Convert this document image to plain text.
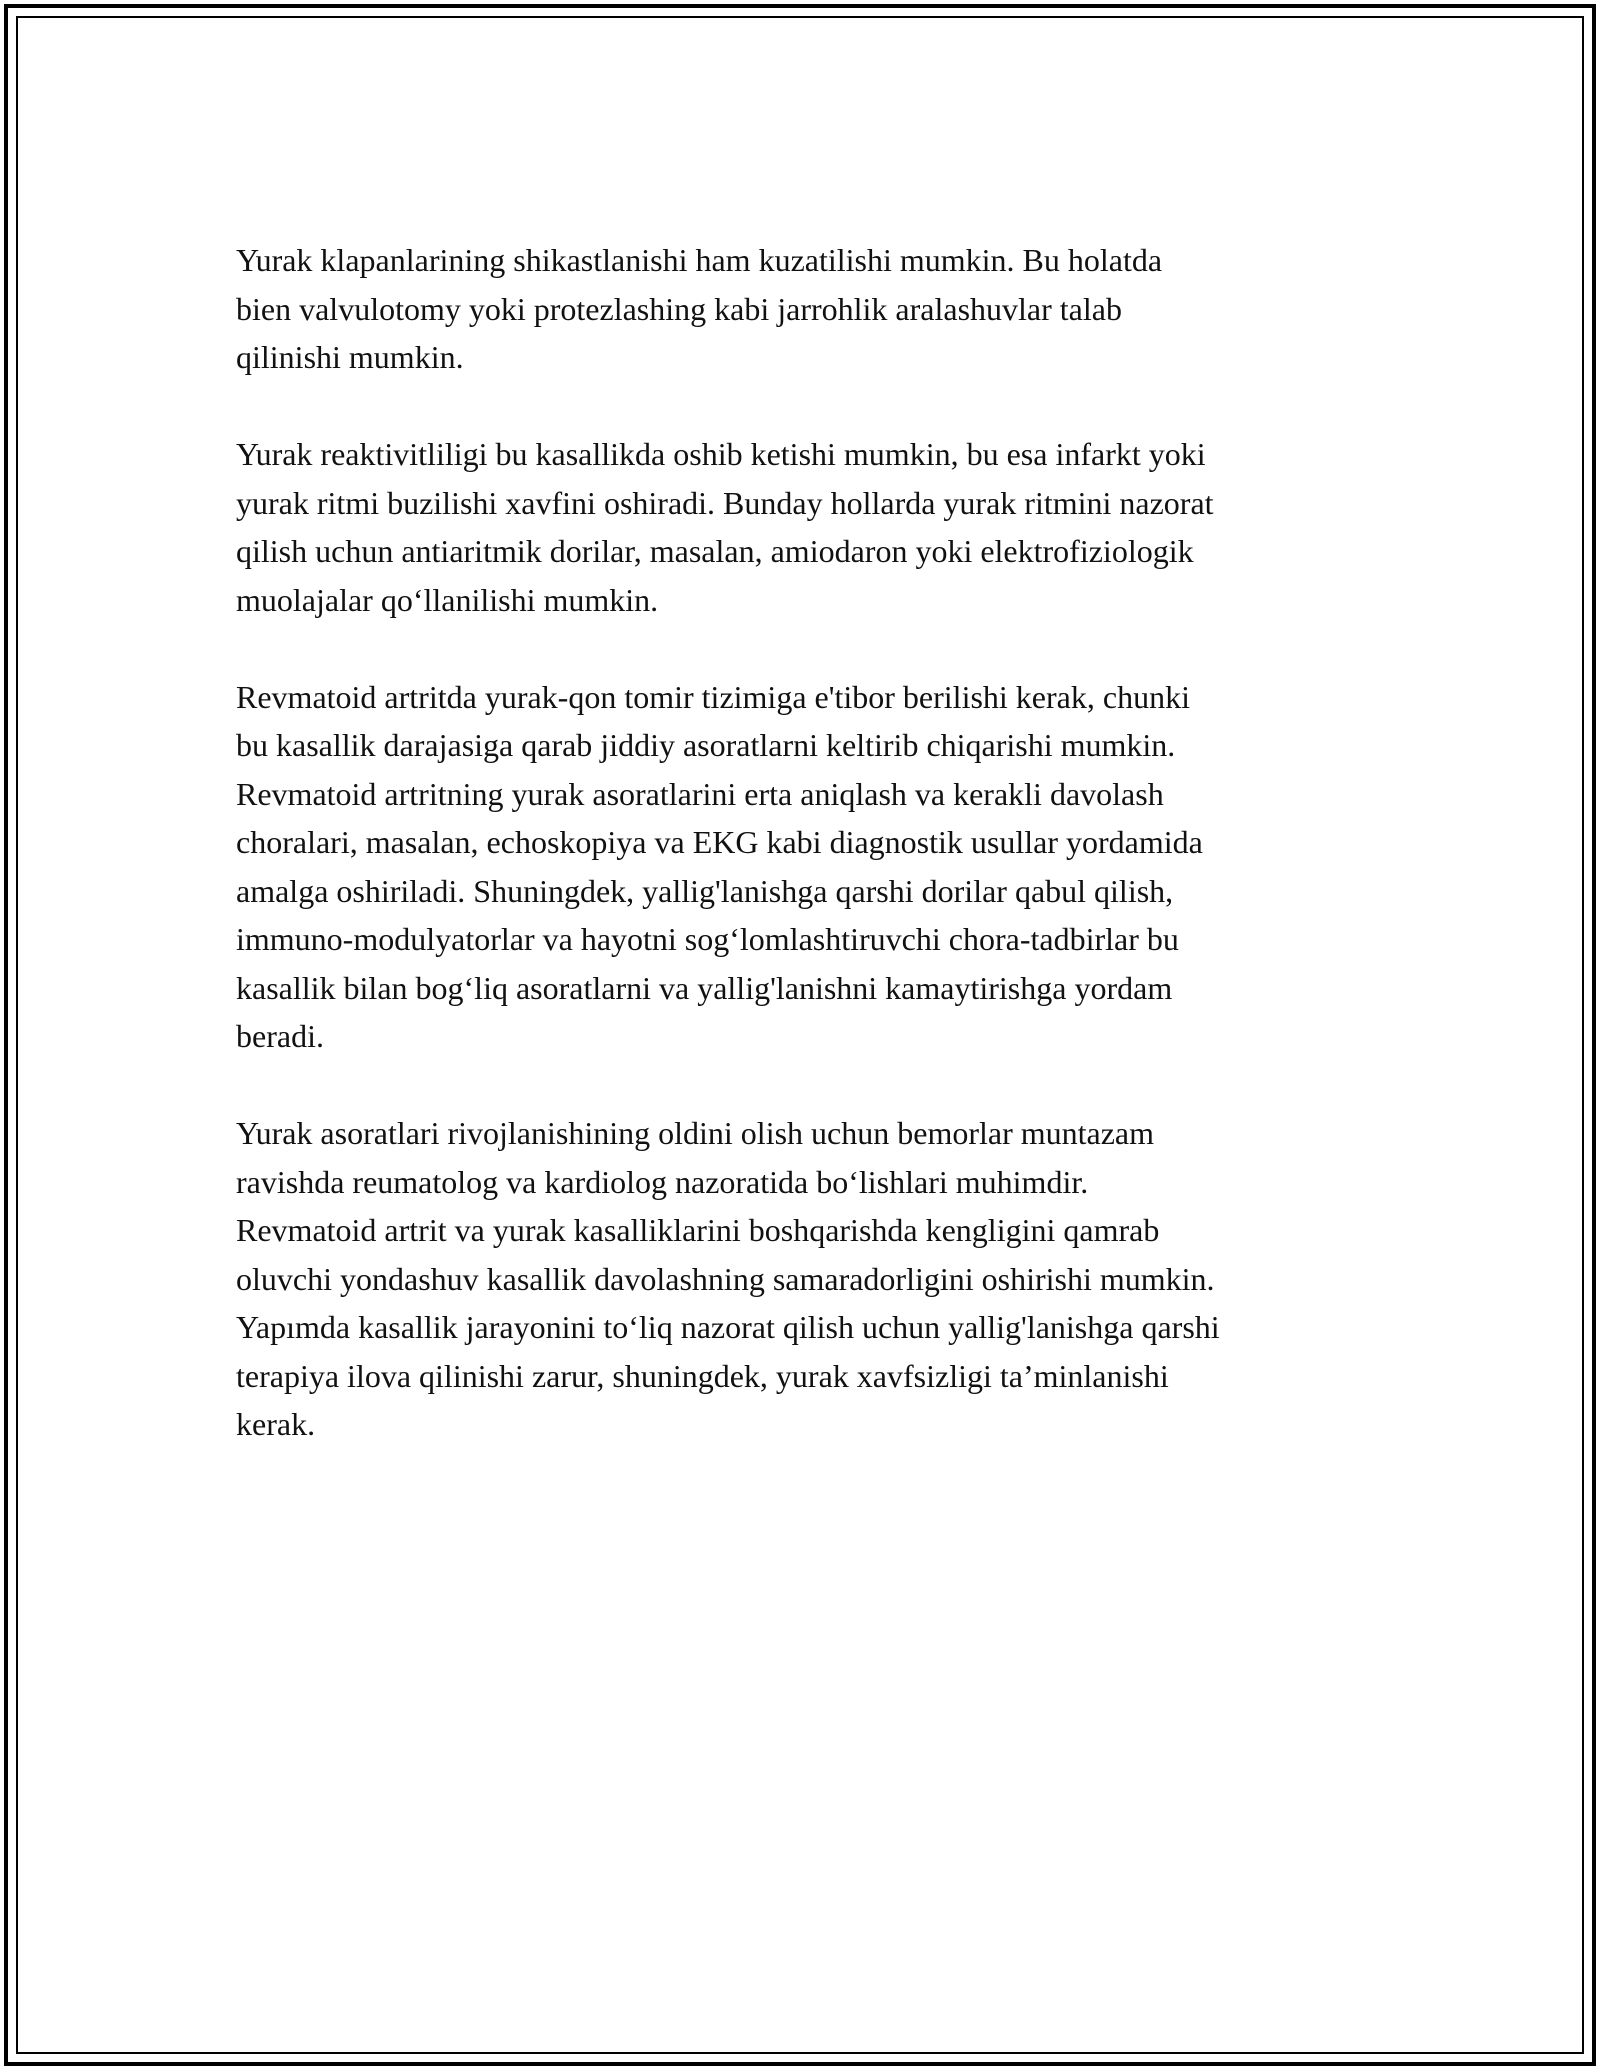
Yurak klapanlarining shikastlanishi ham kuzatilishi mumkin. Bu holatda
bien valvulotomy yoki protezlashing kabi jarrohlik aralashuvlar talab
qilinishi mumkin.

Yurak reaktivitliligi bu kasallikda oshib ketishi mumkin, bu esa infarkt yoki
yurak ritmi buzilishi xavfini oshiradi. Bunday hollarda yurak ritmini nazorat
qilish uchun antiaritmik dorilar, masalan, amiodaron yoki elektrofiziologik
muolajalar qo‘llanilishi mumkin.

Revmatoid artritda yurak-qon tomir tizimiga e'tibor berilishi kerak, chunki
bu kasallik darajasiga qarab jiddiy asoratlarni keltirib chiqarishi mumkin.
Revmatoid artritning yurak asoratlarini erta aniqlash va kerakli davolash
choralari, masalan, echoskopiya va EKG kabi diagnostik usullar yordamida
amalga oshiriladi. Shuningdek, yallig'lanishga qarshi dorilar qabul qilish,
immuno-modulyatorlar va hayotni sog‘lomlashtiruvchi chora-tadbirlar bu
kasallik bilan bog‘liq asoratlarni va yallig'lanishni kamaytirishga yordam
beradi.

Yurak asoratlari rivojlanishining oldini olish uchun bemorlar muntazam
ravishda reumatolog va kardiolog nazoratida bo‘lishlari muhimdir.
Revmatoid artrit va yurak kasalliklarini boshqarishda kengligini qamrab
oluvchi yondashuv kasallik davolashning samaradorligini oshirishi mumkin.
Yapımda kasallik jarayonini to‘liq nazorat qilish uchun yallig'lanishga qarshi
terapiya ilova qilinishi zarur, shuningdek, yurak xavfsizligi ta’minlanishi
kerak.
